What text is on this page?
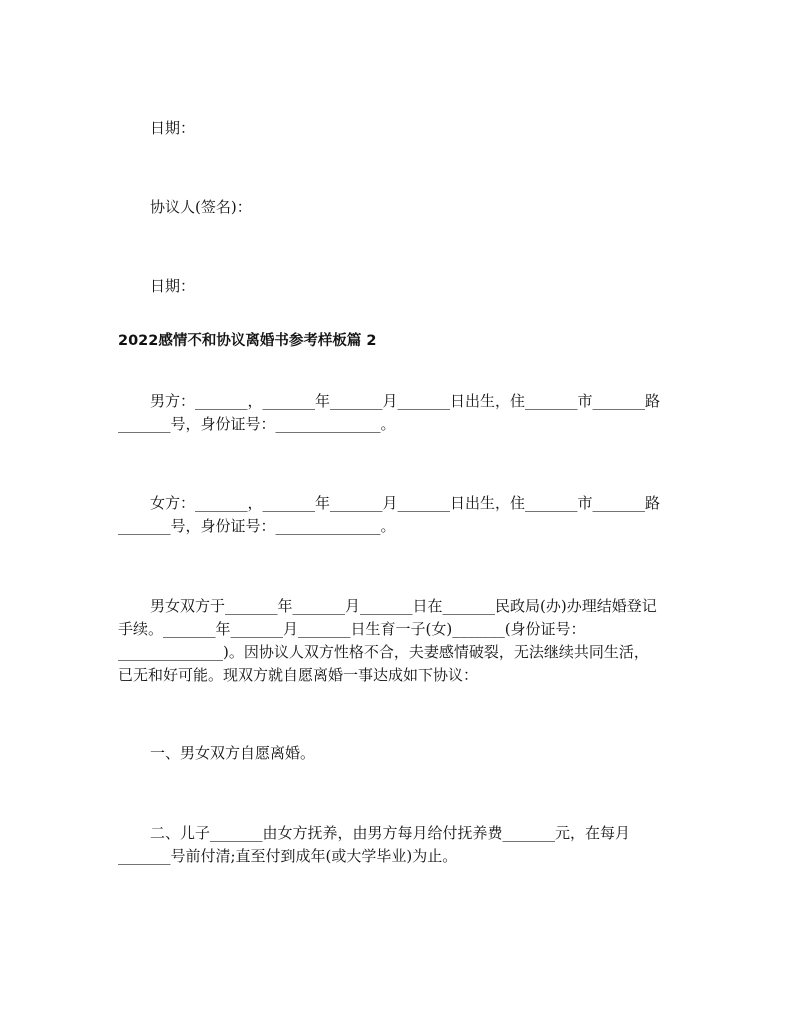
日期：

协议人(签名)：

日期：

2022感情不和协议离婚书参考样板篇 2

男方：_______，_______年_______月_______日出生，住_______市_______路

_______号，身份证号：______________。

女方：_______，_______年_______月_______日出生，住_______市_______路

_______号，身份证号：______________。

男女双方于_______年_______月_______日在_______民政局(办)办理结婚登记

手续。_______年_______月_______日生育一子(女)_______(身份证号：

______________)。因协议人双方性格不合，夫妻感情破裂，无法继续共同生活，

已无和好可能。现双方就自愿离婚一事达成如下协议：

一、男女双方自愿离婚。

二、儿子_______由女方抚养，由男方每月给付抚养费_______元，在每月

_______号前付清;直至付到成年(或大学毕业)为止。
